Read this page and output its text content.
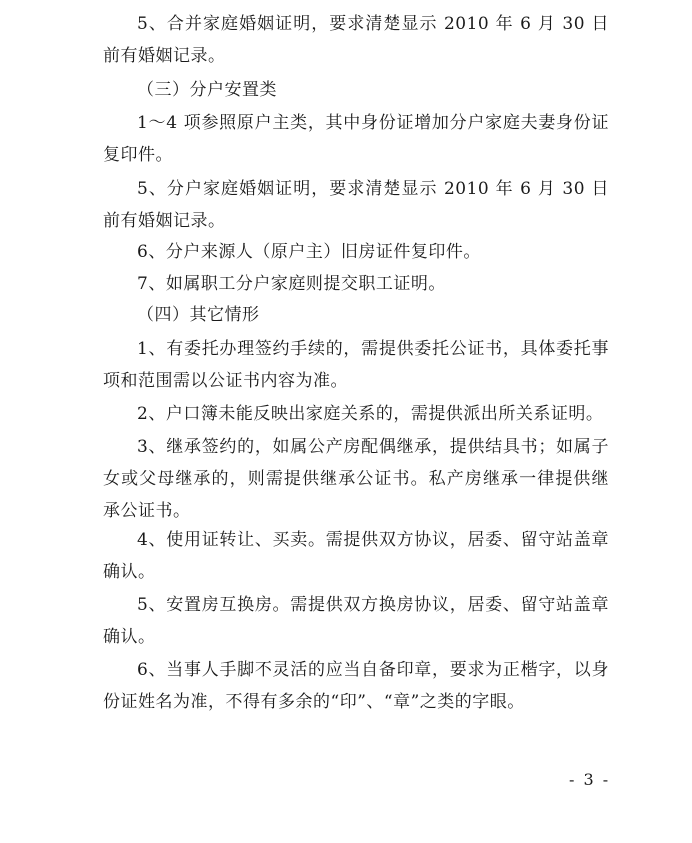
5、合并家庭婚姻证明，要求清楚显示 2010 年 6 月 30 日前有婚姻记录。

（三）分户安置类

1～4 项参照原户主类，其中身份证增加分户家庭夫妻身份证复印件。

5、分户家庭婚姻证明，要求清楚显示 2010 年 6 月 30 日前有婚姻记录。

6、分户来源人（原户主）旧房证件复印件。

7、如属职工分户家庭则提交职工证明。

（四）其它情形

1、有委托办理签约手续的，需提供委托公证书，具体委托事项和范围需以公证书内容为准。

2、户口簿未能反映出家庭关系的，需提供派出所关系证明。

3、继承签约的，如属公产房配偶继承，提供结具书；如属子女或父母继承的，则需提供继承公证书。私产房继承一律提供继承公证书。

4、使用证转让、买卖。需提供双方协议，居委、留守站盖章确认。

5、安置房互换房。需提供双方换房协议，居委、留守站盖章确认。

6、当事人手脚不灵活的应当自备印章，要求为正楷字，以身份证姓名为准，不得有多余的“印”、“章”之类的字眼。

- 3 -
